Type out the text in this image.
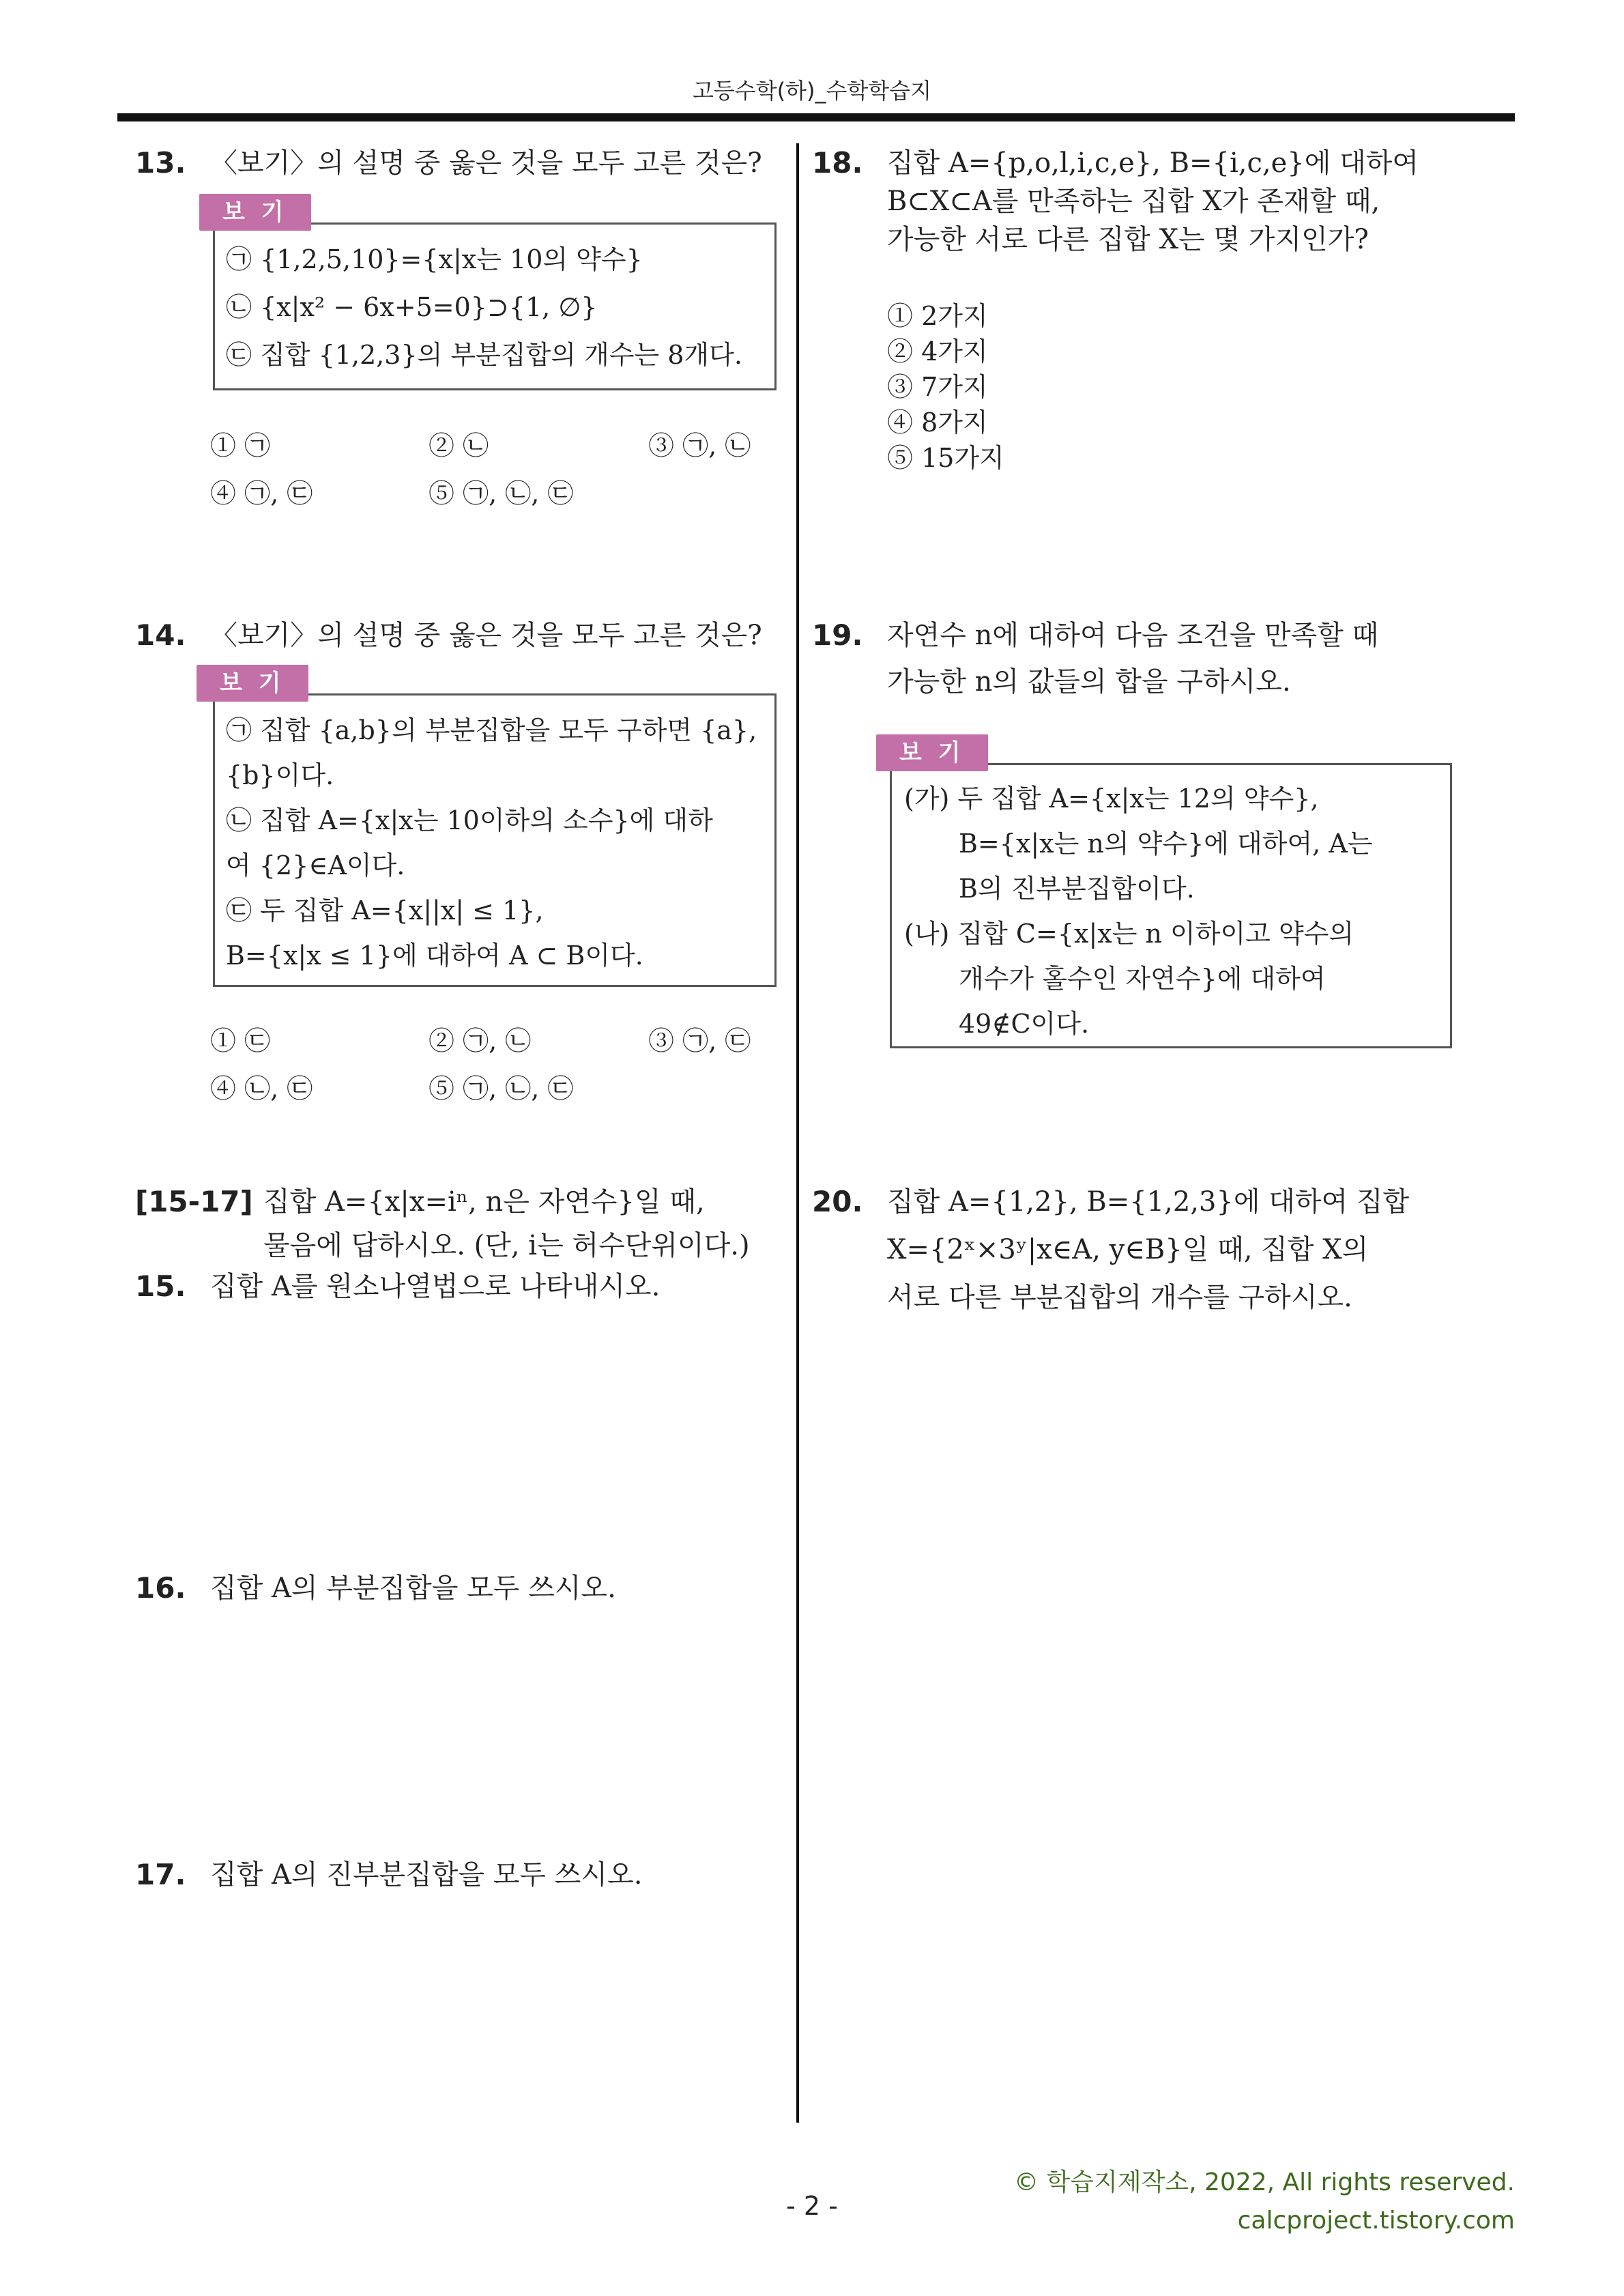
고등수학(하)_수학학습지
13. 〈보기〉의 설명 중 옳은 것을 모두 고른 것은?
㉠ {1,2,5,10}={x|x는 10의 약수}
㉡ {x|x² − 6x+5=0}⊃{1, ∅}
㉢ 집합 {1,2,3}의 부분집합의 개수는 8개다.
보 기
① ㉠	② ㉡	③ ㉠, ㉡
④ ㉠, ㉢	⑤ ㉠, ㉡, ㉢
14. 〈보기〉의 설명 중 옳은 것을 모두 고른 것은?
㉠ 집합 {a,b}의 부분집합을 모두 구하면 {a},
{b}이다.
㉡ 집합 A={x|x는 10이하의 소수}에 대하
여 {2}∈A이다.
㉢ 두 집합 A={x||x| ≤ 1},
B={x|x ≤ 1}에 대하여 A ⊂ B이다.
보 기
① ㉢	② ㉠, ㉡	③ ㉠, ㉢
④ ㉡, ㉢	⑤ ㉠, ㉡, ㉢
[15-17] 집합 A={x|x=iⁿ, n은 자연수}일 때,
물음에 답하시오. (단, i는 허수단위이다.)
15. 집합 A를 원소나열법으로 나타내시오.
16. 집합 A의 부분집합을 모두 쓰시오.
17. 집합 A의 진부분집합을 모두 쓰시오.
18. 집합 A={p,o,l,i,c,e}, B={i,c,e}에 대하여
B⊂X⊂A를 만족하는 집합 X가 존재할 때,
가능한 서로 다른 집합 X는 몇 가지인가?
① 2가지
② 4가지
③ 7가지
④ 8가지
⑤ 15가지
19. 자연수 n에 대하여 다음 조건을 만족할 때
가능한 n의 값들의 합을 구하시오.
(가) 두 집합 A={x|x는 12의 약수},
B={x|x는 n의 약수}에 대하여, A는
B의 진부분집합이다.
(나) 집합 C={x|x는 n 이하이고 약수의
개수가 홀수인 자연수}에 대하여
49∉C이다.
보 기
20. 집합 A={1,2}, B={1,2,3}에 대하여 집합
X={2ˣ×3ʸ|x∈A, y∈B}일 때, 집합 X의
서로 다른 부분집합의 개수를 구하시오.
- 2 -
© 학습지제작소, 2022, All rights reserved.
calcproject.tistory.com
